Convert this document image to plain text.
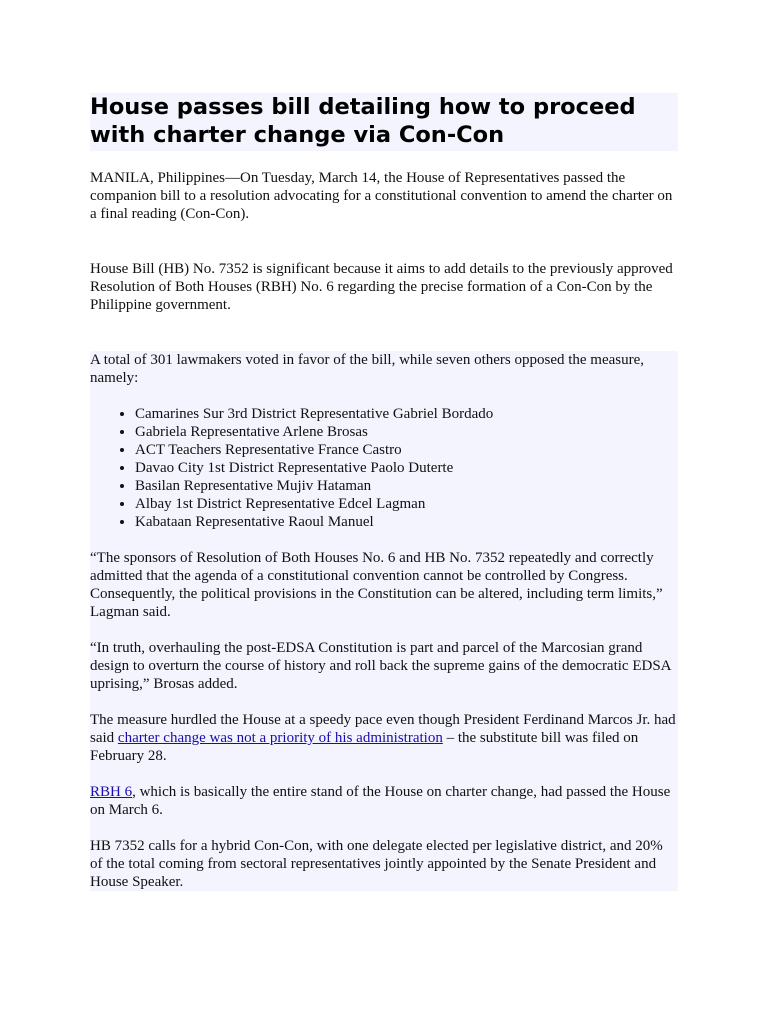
House passes bill detailing how to proceed with charter change via Con-Con

MANILA, Philippines—On Tuesday, March 14, the House of Representatives passed the companion bill to a resolution advocating for a constitutional convention to amend the charter on a final reading (Con-Con).

House Bill (HB) No. 7352 is significant because it aims to add details to the previously approved Resolution of Both Houses (RBH) No. 6 regarding the precise formation of a Con-Con by the Philippine government.

A total of 301 lawmakers voted in favor of the bill, while seven others opposed the measure, namely:

• Camarines Sur 3rd District Representative Gabriel Bordado
• Gabriela Representative Arlene Brosas
• ACT Teachers Representative France Castro
• Davao City 1st District Representative Paolo Duterte
• Basilan Representative Mujiv Hataman
• Albay 1st District Representative Edcel Lagman
• Kabataan Representative Raoul Manuel

“The sponsors of Resolution of Both Houses No. 6 and HB No. 7352 repeatedly and correctly admitted that the agenda of a constitutional convention cannot be controlled by Congress. Consequently, the political provisions in the Constitution can be altered, including term limits,” Lagman said.

“In truth, overhauling the post-EDSA Constitution is part and parcel of the Marcosian grand design to overturn the course of history and roll back the supreme gains of the democratic EDSA uprising,” Brosas added.

The measure hurdled the House at a speedy pace even though President Ferdinand Marcos Jr. had said charter change was not a priority of his administration – the substitute bill was filed on February 28.

RBH 6, which is basically the entire stand of the House on charter change, had passed the House on March 6.

HB 7352 calls for a hybrid Con-Con, with one delegate elected per legislative district, and 20% of the total coming from sectoral representatives jointly appointed by the Senate President and House Speaker.
